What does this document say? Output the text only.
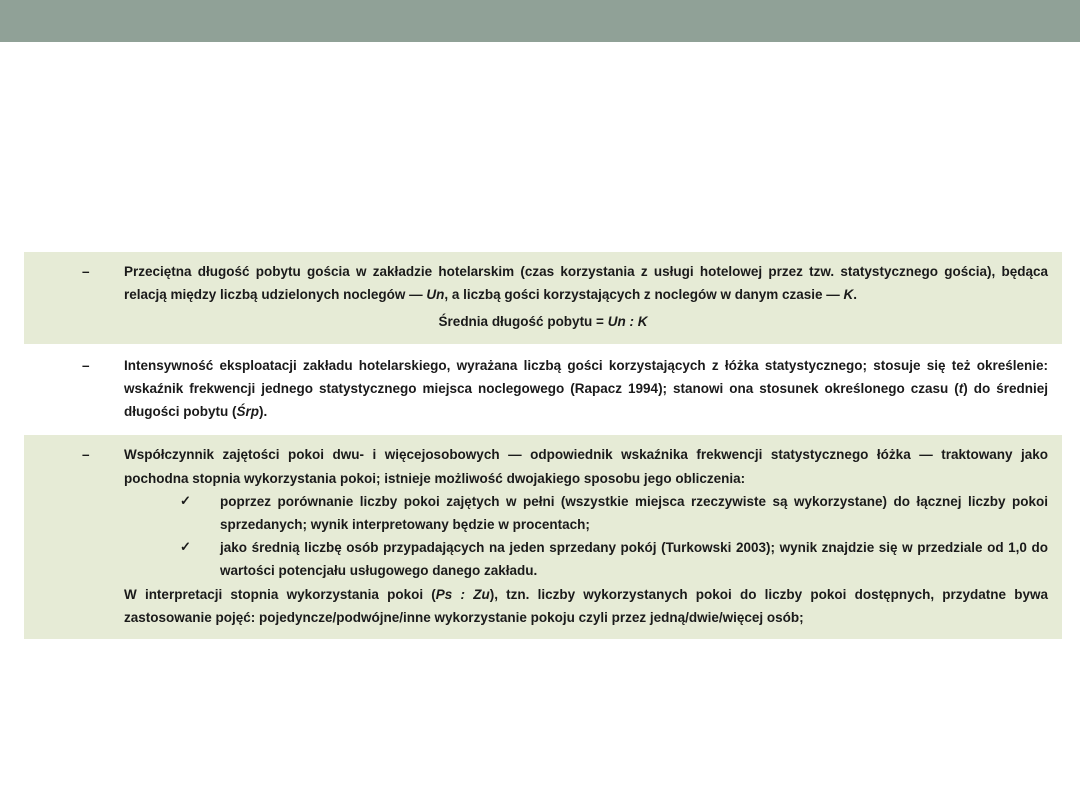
–	Przeciętna długość pobytu gościa w zakładzie hotelarskim (czas korzystania z usługi hotelowej przez tzw. statystycznego gościa), będąca relacją między liczbą udzielonych noclegów — Un, a liczbą gości korzystających z noclegów w danym czasie — K.
Średnia długość pobytu = Un : K
–	Intensywność eksploatacji zakładu hotelarskiego, wyrażana liczbą gości korzystających z łóżka statystycznego; stosuje się też określenie: wskaźnik frekwencji jednego statystycznego miejsca noclegowego (Rapacz 1994); stanowi ona stosunek określonego czasu (t) do średniej długości pobytu (Śrp).
–	Współczynnik zajętości pokoi dwu- i więcejosobowych — odpowiednik wskaźnika frekwencji statystycznego łóżka — traktowany jako pochodna stopnia wykorzystania pokoi; istnieje możliwość dwojakiego sposobu jego obliczenia:
✓ poprzez porównanie liczby pokoi zajętych w pełni (wszystkie miejsca rzeczywiste są wykorzystane) do łącznej liczby pokoi sprzedanych; wynik interpretowany będzie w procentach;
✓ jako średnią liczbę osób przypadających na jeden sprzedany pokój (Turkowski 2003); wynik znajdzie się w przedziale od 1,0 do wartości potencjału usługowego danego zakładu.
W interpretacji stopnia wykorzystania pokoi (Ps : Zu), tzn. liczby wykorzystanych pokoi do liczby pokoi dostępnych, przydatne bywa zastosowanie pojęć: pojedyncze/podwójne/inne wykorzystanie pokoju czyli przez jedną/dwie/więcej osób;
